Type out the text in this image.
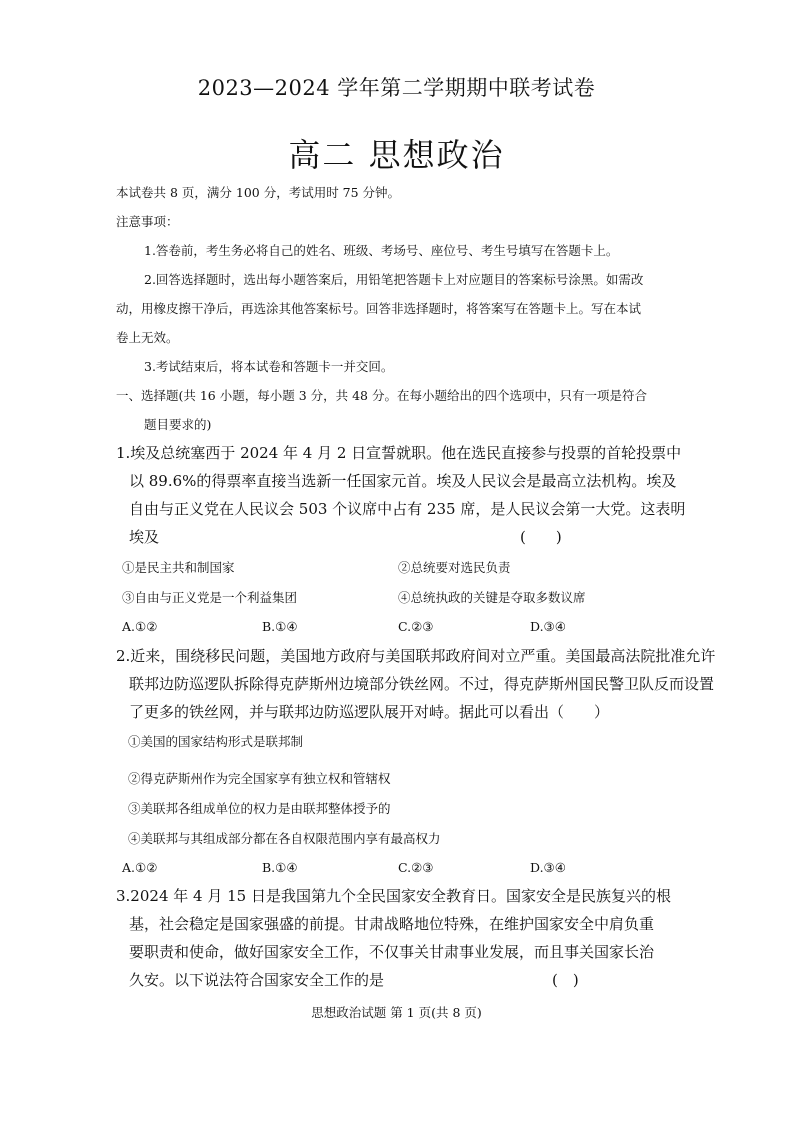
2023—2024 学年第二学期期中联考试卷
高二 思想政治
本试卷共 8 页，满分 100 分，考试用时 75 分钟。
注意事项：
1.答卷前，考生务必将自己的姓名、班级、考场号、座位号、考生号填写在答题卡上。
2.回答选择题时，选出每小题答案后，用铅笔把答题卡上对应题目的答案标号涂黑。如需改
动，用橡皮擦干净后，再选涂其他答案标号。回答非选择题时，将答案写在答题卡上。写在本试
卷上无效。
3.考试结束后，将本试卷和答题卡一并交回。
一、选择题(共 16 小题，每小题 3 分，共 48 分。在每小题给出的四个选项中，只有一项是符合
题目要求的)
1.埃及总统塞西于 2024 年 4 月 2 日宣誓就职。他在选民直接参与投票的首轮投票中
以 89.6%的得票率直接当选新一任国家元首。埃及人民议会是最高立法机构。埃及
自由与正义党在人民议会 503 个议席中占有 235 席，是人民议会第一大党。这表明
埃及	(　　)
①是民主共和制国家	②总统要对选民负责
③自由与正义党是一个利益集团	④总统执政的关键是夺取多数议席
A.①②	B.①④	C.②③	D.③④
2.近来，围绕移民问题，美国地方政府与美国联邦政府间对立严重。美国最高法院批准允许
联邦边防巡逻队拆除得克萨斯州边境部分铁丝网。不过，得克萨斯州国民警卫队反而设置
了更多的铁丝网，并与联邦边防巡逻队展开对峙。据此可以看出（　　）
①美国的国家结构形式是联邦制
②得克萨斯州作为完全国家享有独立权和管辖权
③美联邦各组成单位的权力是由联邦整体授予的
④美联邦与其组成部分都在各自权限范围内享有最高权力
A.①②	B.①④	C.②③	D.③④
3.2024 年 4 月 15 日是我国第九个全民国家安全教育日。国家安全是民族复兴的根
基，社会稳定是国家强盛的前提。甘肃战略地位特殊，在维护国家安全中肩负重
要职责和使命，做好国家安全工作，不仅事关甘肃事业发展，而且事关国家长治
久安。以下说法符合国家安全工作的是	(　)
思想政治试题 第 1 页(共 8 页)
